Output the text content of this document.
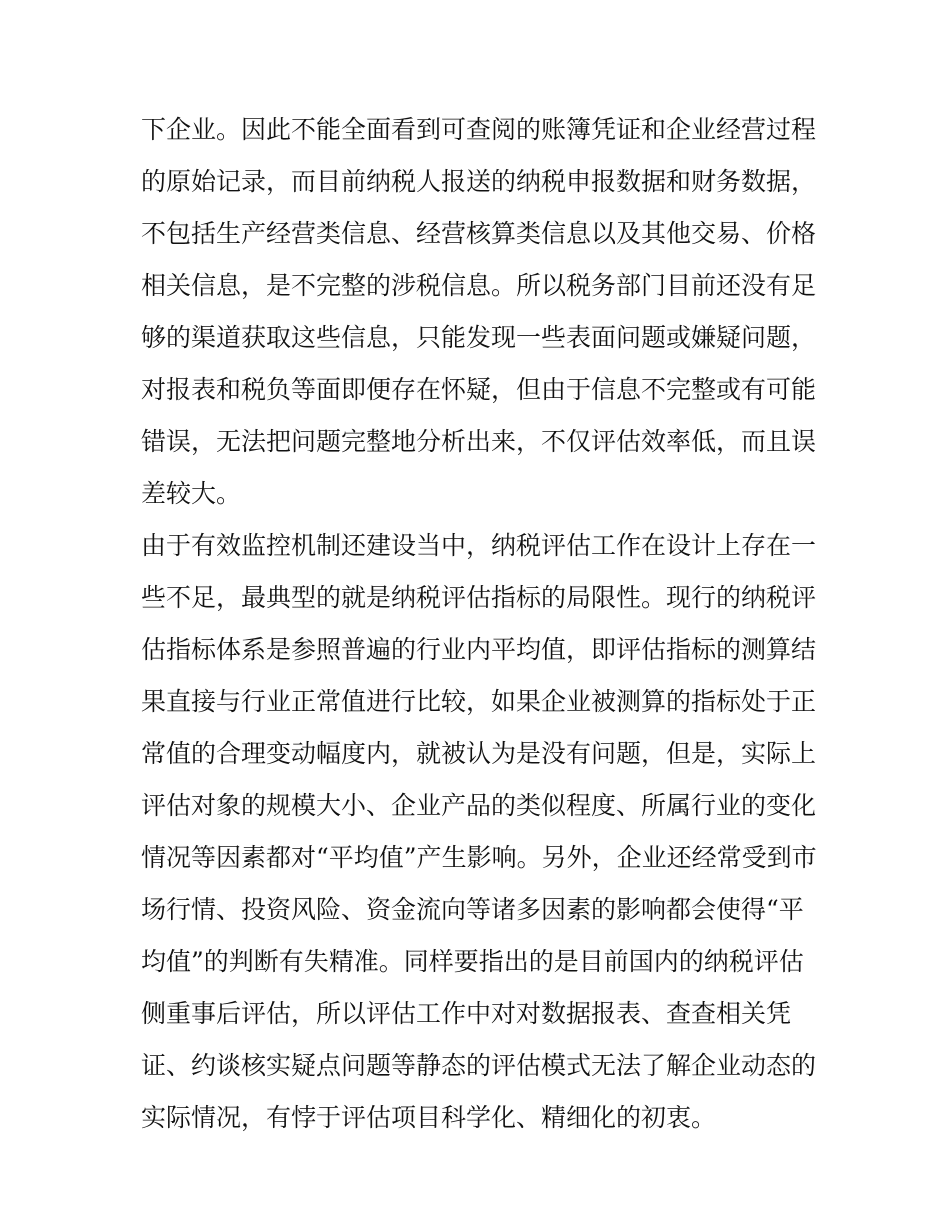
下企业。因此不能全面看到可查阅的账簿凭证和企业经营过程
的原始记录，而目前纳税人报送的纳税申报数据和财务数据，
不包括生产经营类信息、经营核算类信息以及其他交易、价格
相关信息，是不完整的涉税信息。所以税务部门目前还没有足
够的渠道获取这些信息，只能发现一些表面问题或嫌疑问题，
对报表和税负等面即便存在怀疑，但由于信息不完整或有可能
错误，无法把问题完整地分析出来，不仅评估效率低，而且误
差较大。
由于有效监控机制还建设当中，纳税评估工作在设计上存在一
些不足，最典型的就是纳税评估指标的局限性。现行的纳税评
估指标体系是参照普遍的行业内平均值，即评估指标的测算结
果直接与行业正常值进行比较，如果企业被测算的指标处于正
常值的合理变动幅度内，就被认为是没有问题，但是，实际上
评估对象的规模大小、企业产品的类似程度、所属行业的变化
情况等因素都对“平均值”产生影响。另外，企业还经常受到市
场行情、投资风险、资金流向等诸多因素的影响都会使得“平
均值”的判断有失精准。同样要指出的是目前国内的纳税评估
侧重事后评估，所以评估工作中对对数据报表、查查相关凭
证、约谈核实疑点问题等静态的评估模式无法了解企业动态的
实际情况，有悖于评估项目科学化、精细化的初衷。
